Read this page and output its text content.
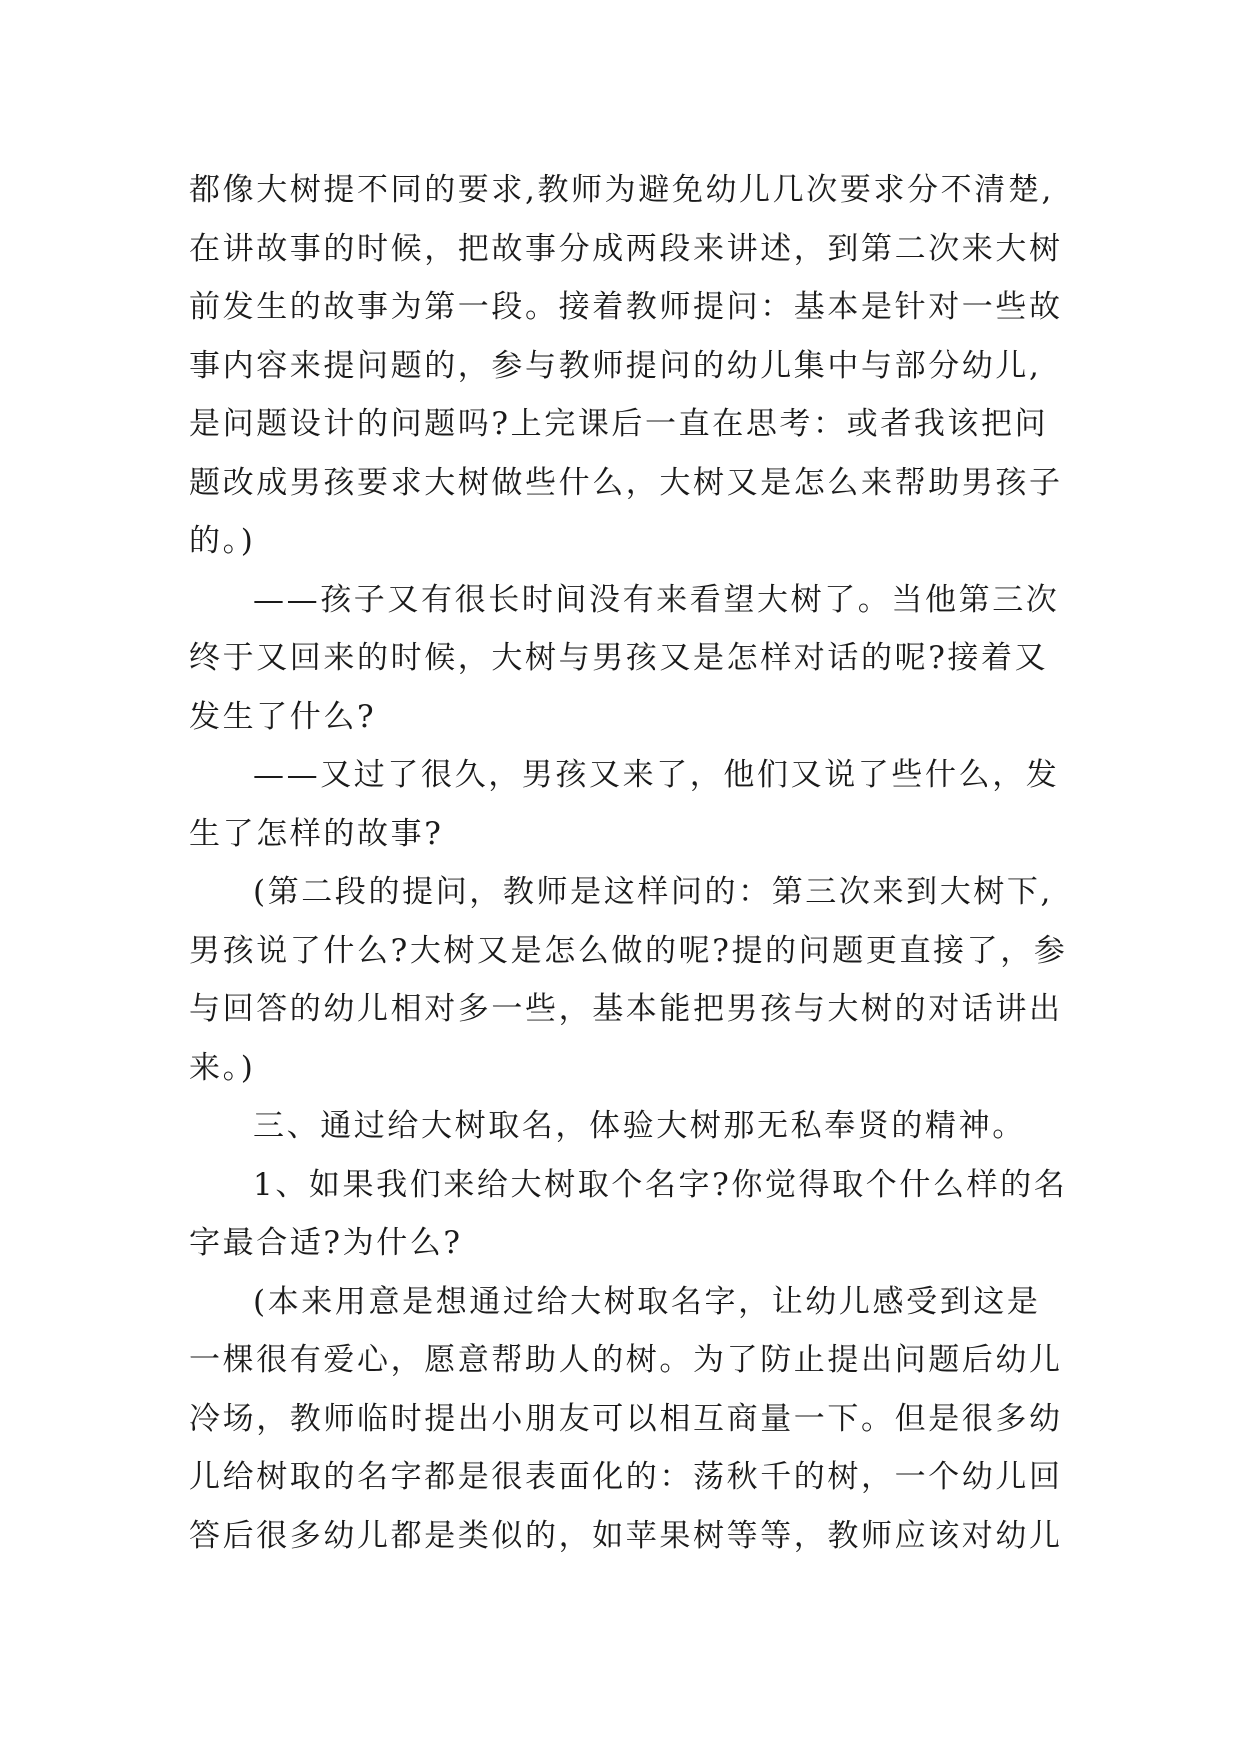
都像大树提不同的要求,教师为避免幼儿几次要求分不清楚,
在讲故事的时候，把故事分成两段来讲述，到第二次来大树
前发生的故事为第一段。接着教师提问：基本是针对一些故
事内容来提问题的，参与教师提问的幼儿集中与部分幼儿,
是问题设计的问题吗?上完课后一直在思考：或者我该把问
题改成男孩要求大树做些什么，大树又是怎么来帮助男孩子
的。)
——孩子又有很长时间没有来看望大树了。当他第三次
终于又回来的时候，大树与男孩又是怎样对话的呢?接着又
发生了什么?
——又过了很久，男孩又来了，他们又说了些什么，发
生了怎样的故事?
(第二段的提问，教师是这样问的：第三次来到大树下,
男孩说了什么?大树又是怎么做的呢?提的问题更直接了，参
与回答的幼儿相对多一些，基本能把男孩与大树的对话讲出
来。)
三、通过给大树取名，体验大树那无私奉贤的精神。
1、如果我们来给大树取个名字?你觉得取个什么样的名
字最合适?为什么?
(本来用意是想通过给大树取名字，让幼儿感受到这是
一棵很有爱心，愿意帮助人的树。为了防止提出问题后幼儿
冷场，教师临时提出小朋友可以相互商量一下。但是很多幼
儿给树取的名字都是很表面化的：荡秋千的树，一个幼儿回
答后很多幼儿都是类似的，如苹果树等等，教师应该对幼儿
